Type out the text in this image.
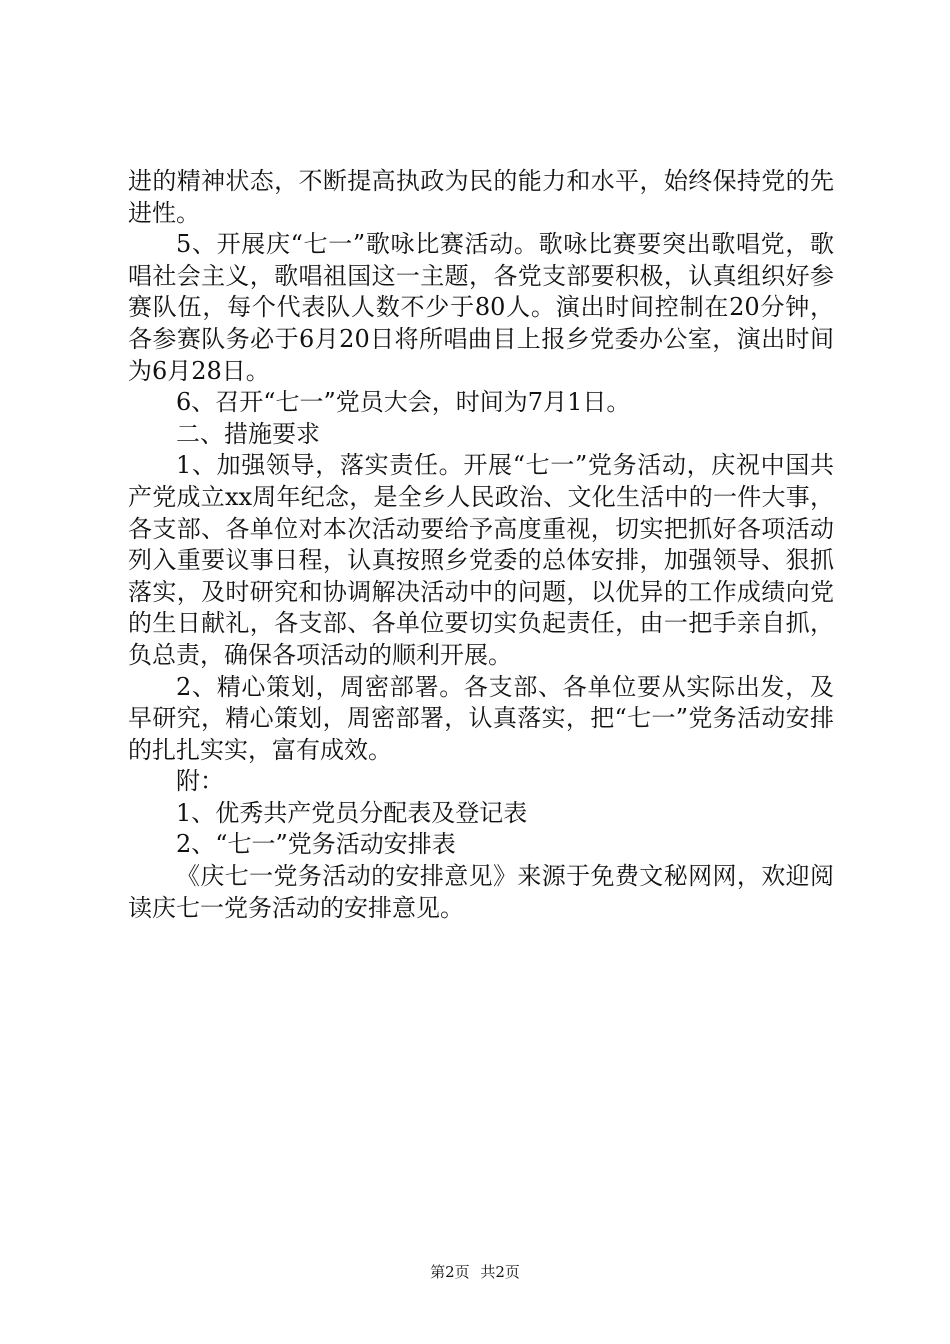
进的精神状态，不断提高执政为民的能力和水平，始终保持党的先进性。

5、开展庆“七一”歌咏比赛活动。歌咏比赛要突出歌唱党，歌唱社会主义，歌唱祖国这一主题，各党支部要积极，认真组织好参赛队伍，每个代表队人数不少于80人。演出时间控制在20分钟，各参赛队务必于6月20日将所唱曲目上报乡党委办公室，演出时间为6月28日。

6、召开“七一”党员大会，时间为7月1日。

二、措施要求

1、加强领导，落实责任。开展“七一”党务活动，庆祝中国共产党成立xx周年纪念，是全乡人民政治、文化生活中的一件大事，各支部、各单位对本次活动要给予高度重视，切实把抓好各项活动列入重要议事日程，认真按照乡党委的总体安排，加强领导、狠抓落实，及时研究和协调解决活动中的问题，以优异的工作成绩向党的生日献礼，各支部、各单位要切实负起责任，由一把手亲自抓，负总责，确保各项活动的顺利开展。

2、精心策划，周密部署。各支部、各单位要从实际出发，及早研究，精心策划，周密部署，认真落实，把“七一”党务活动安排的扎扎实实，富有成效。

附：

1、优秀共产党员分配表及登记表

2、“七一”党务活动安排表

《庆七一党务活动的安排意见》来源于免费文秘网网，欢迎阅读庆七一党务活动的安排意见。

第2页 共2页
